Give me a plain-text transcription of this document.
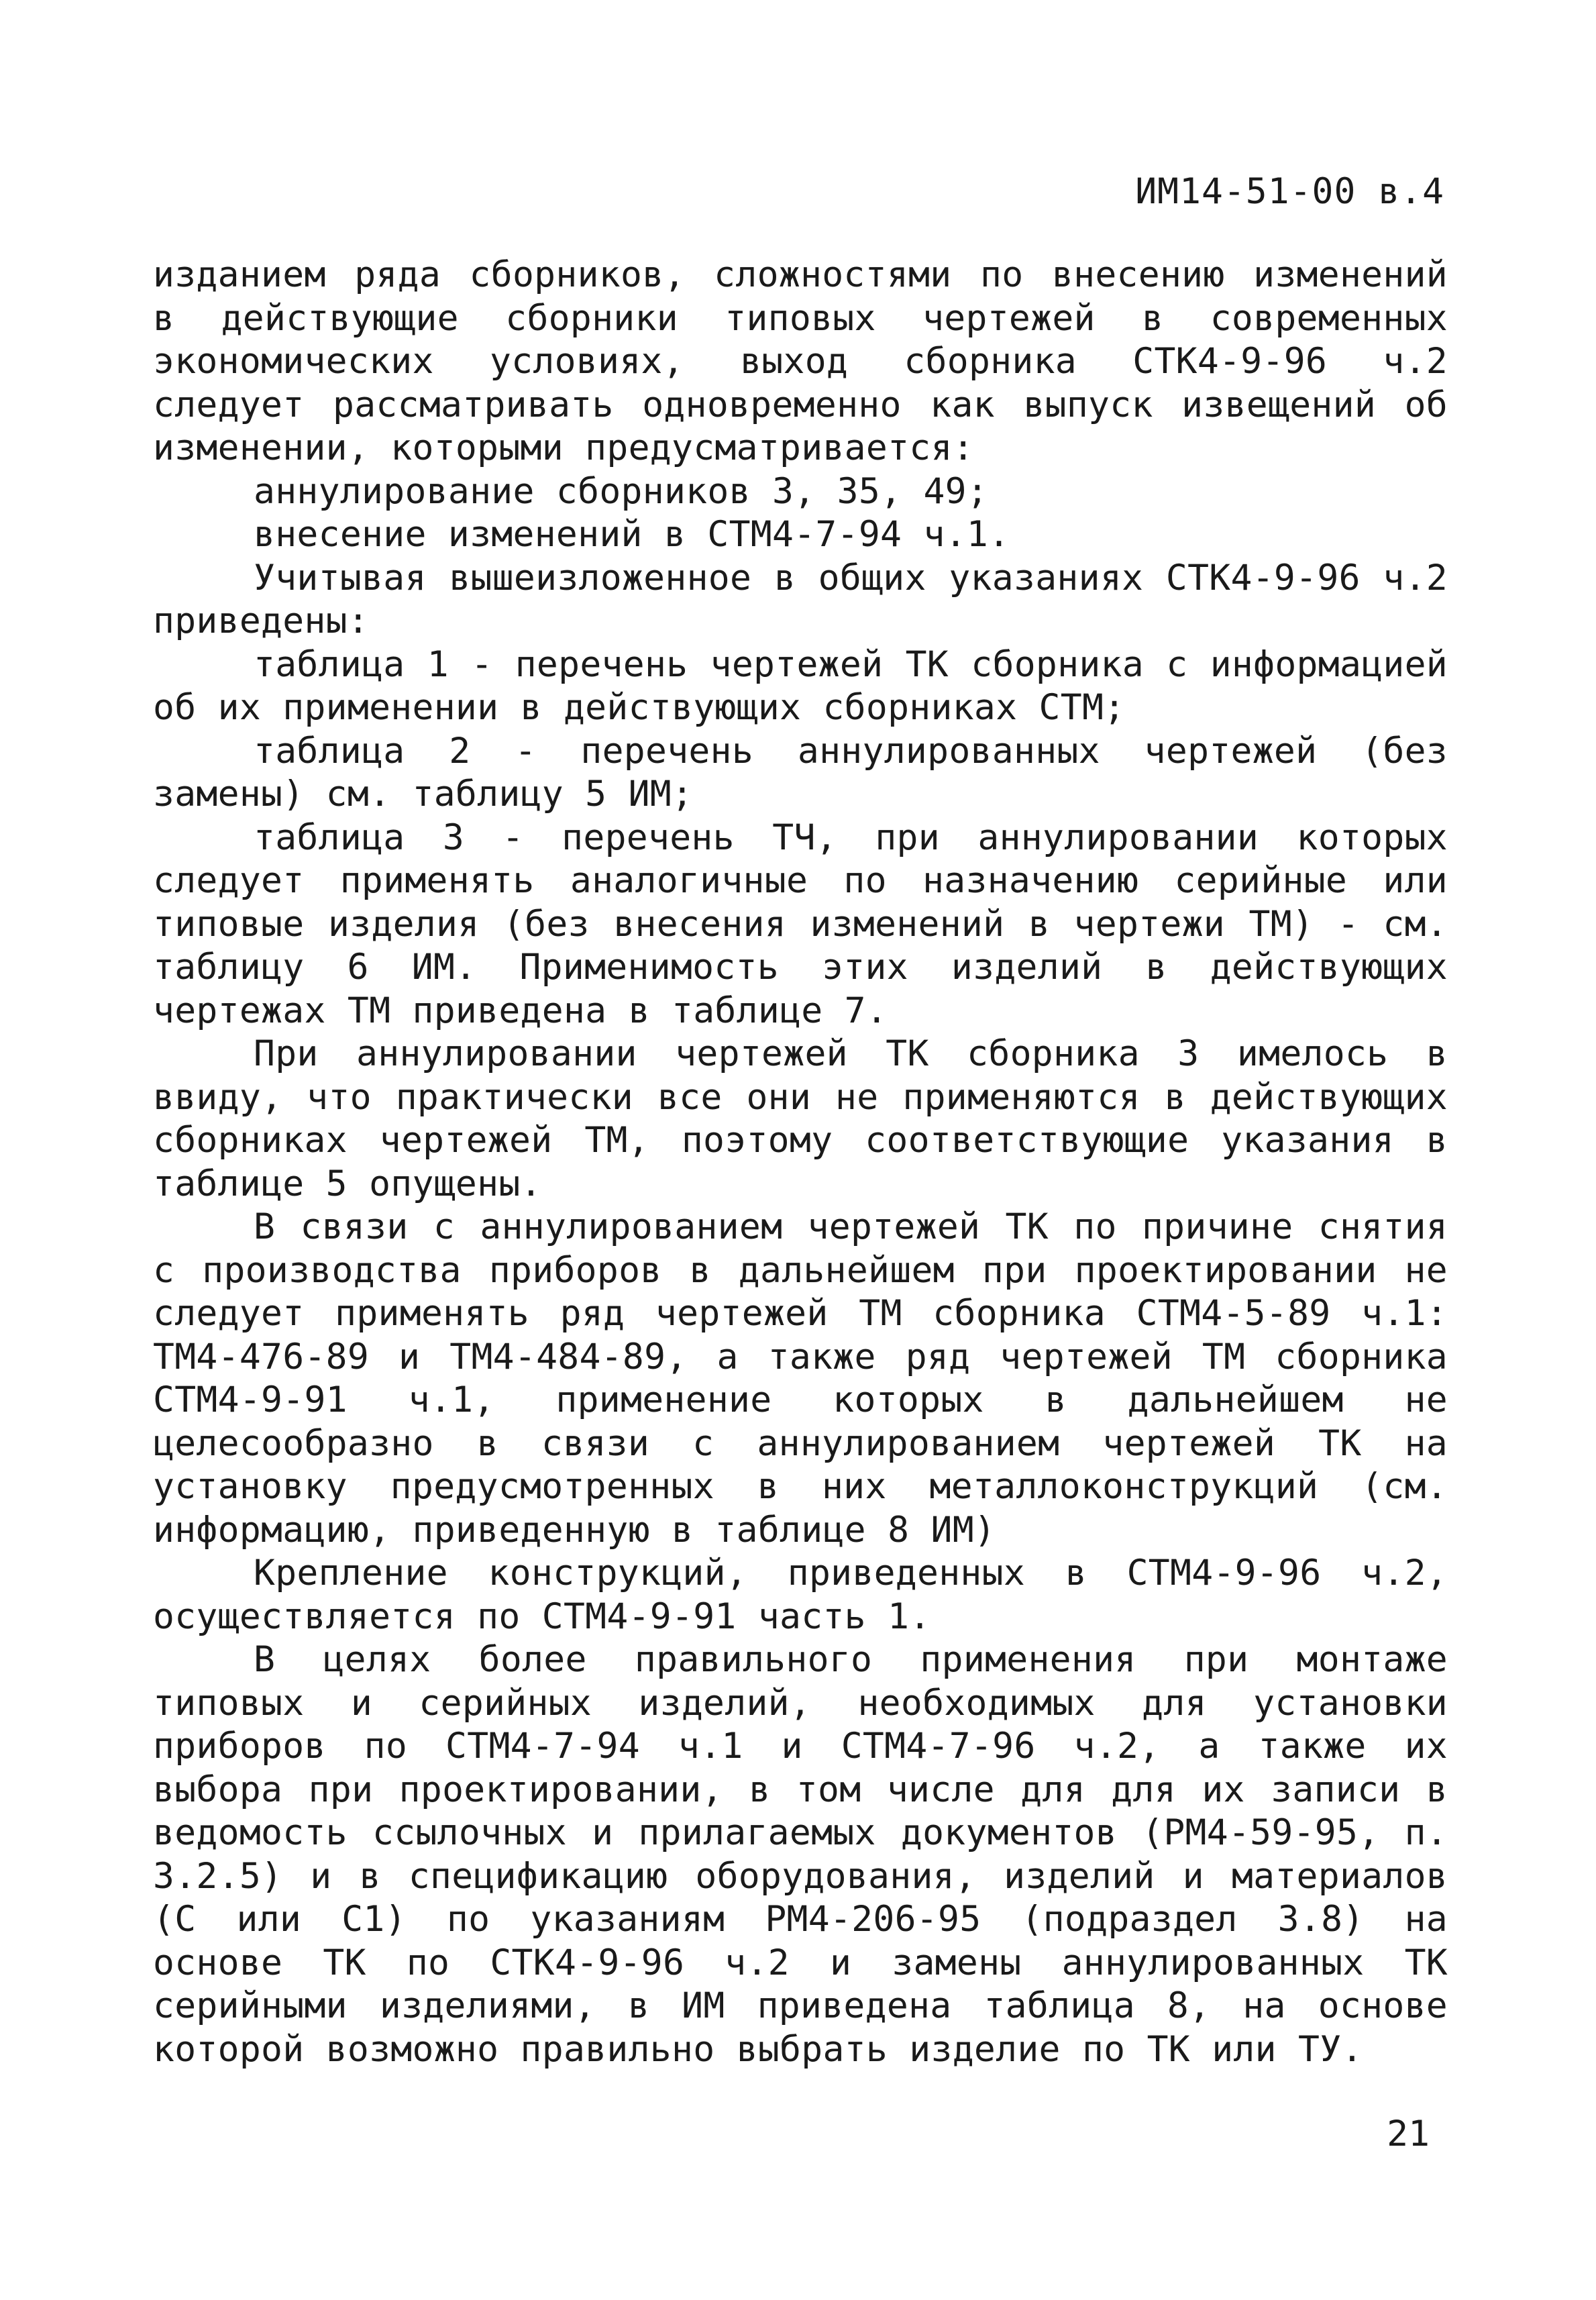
ИМ14-51-00 в.4

изданием ряда сборников, сложностями по внесению изменений в действующие сборники типовых чертежей в современных экономических условиях, выход сборника СТК4-9-96 ч.2 следует рассматривать одновременно как выпуск извещений об изменении, которыми предусматривается:

аннулирование сборников 3, 35, 49;

внесение изменений в СТМ4-7-94 ч.1.

Учитывая вышеизложенное в общих указаниях СТК4-9-96 ч.2 приведены:

таблица 1 - перечень чертежей ТК сборника с информацией об их применении в действующих сборниках СТМ;

таблица 2 - перечень аннулированных чертежей (без замены) см. таблицу 5 ИМ;

таблица 3 - перечень ТЧ, при аннулировании которых следует применять аналогичные по назначению серийные или типовые изделия (без внесения изменений в чертежи ТМ) - см. таблицу 6 ИМ. Применимость этих изделий в действующих чертежах ТМ приведена в таблице 7.

При аннулировании чертежей ТК сборника 3 имелось в ввиду, что практически все они не применяются в действующих сборниках чертежей ТМ, поэтому соответствующие указания в таблице 5 опущены.

В связи с аннулированием чертежей ТК по причине снятия с производства приборов в дальнейшем при проектировании не следует применять ряд чертежей ТМ сборника СТМ4-5-89 ч.1: ТМ4-476-89 и ТМ4-484-89, а также ряд чертежей ТМ сборника СТМ4-9-91 ч.1, применение которых в дальнейшем не целесообразно в связи с аннулированием чертежей ТК на установку предусмотренных в них металлоконструкций (см. информацию, приведенную в таблице 8 ИМ)

Крепление конструкций, приведенных в СТМ4-9-96 ч.2, осуществляется по СТМ4-9-91 часть 1.

В целях более правильного применения при монтаже типовых и серийных изделий, необходимых для установки приборов по СТМ4-7-94 ч.1 и СТМ4-7-96 ч.2, а также их выбора при проектировании, в том числе для для их записи в ведомость ссылочных и прилагаемых документов (РМ4-59-95, п. 3.2.5) и в спецификацию оборудования, изделий и материалов (С или С1) по указаниям РМ4-206-95 (подраздел 3.8) на основе ТК по СТК4-9-96 ч.2 и замены аннулированных ТК серийными изделиями, в ИМ приведена таблица 8, на основе которой возможно правильно выбрать изделие по ТК или ТУ.

21
